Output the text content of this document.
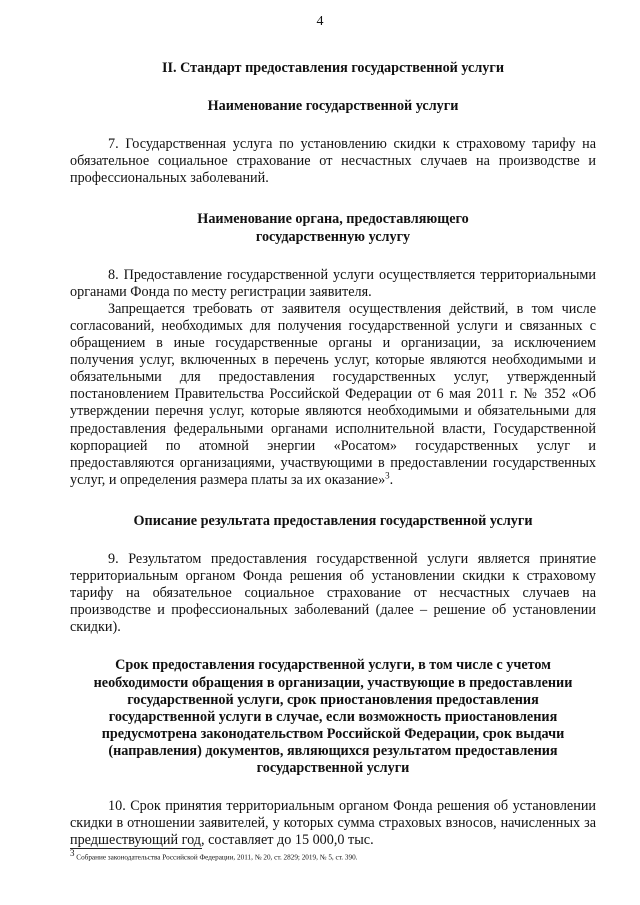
4
II. Стандарт предоставления государственной услуги
Наименование государственной услуги

7. Государственная услуга по установлению скидки к страховому тарифу на обязательное социальное страхование от несчастных случаев на производстве и профессиональных заболеваний.

Наименование органа, предоставляющего
государственную услугу

8. Предоставление государственной услуги осуществляется территориальными органами Фонда по месту регистрации заявителя.

Запрещается требовать от заявителя осуществления действий, в том числе согласований, необходимых для получения государственной услуги и связанных с обращением в иные государственные органы и организации, за исключением получения услуг, включенных в перечень услуг, которые являются необходимыми и обязательными для предоставления государственных услуг, утвержденный постановлением Правительства Российской Федерации от 6 мая 2011 г. № 352 «Об утверждении перечня услуг, которые являются необходимыми и обязательными для предоставления федеральными органами исполнительной власти, Государственной корпорацией по атомной энергии «Росатом» государственных услуг и предоставляются организациями, участвующими в предоставлении государственных услуг, и определения размера платы за их оказание»$^3$.

Описание результата предоставления государственной услуги

9. Результатом предоставления государственной услуги является принятие территориальным органом Фонда решения об установлении скидки к страховому тарифу на обязательное социальное страхование от несчастных случаев на производстве и профессиональных заболеваний (далее – решение об установлении скидки).

Срок предоставления государственной услуги, в том числе с учетом
необходимости обращения в организации, участвующие в предоставлении
государственной услуги, срок приостановления предоставления
государственной услуги в случае, если возможность приостановления
предусмотрена законодательством Российской Федерации, срок выдачи
(направления) документов, являющихся результатом предоставления
государственной услуги

10. Срок принятия территориальным органом Фонда решения об установлении скидки в отношении заявителей, у которых сумма страховых взносов, начисленных за предшествующий год, составляет до 15 000,0 тыс.

$^3$ Собрание законодательства Российской Федерации, 2011, № 20, ст. 2829; 2019, № 5, ст. 390.
